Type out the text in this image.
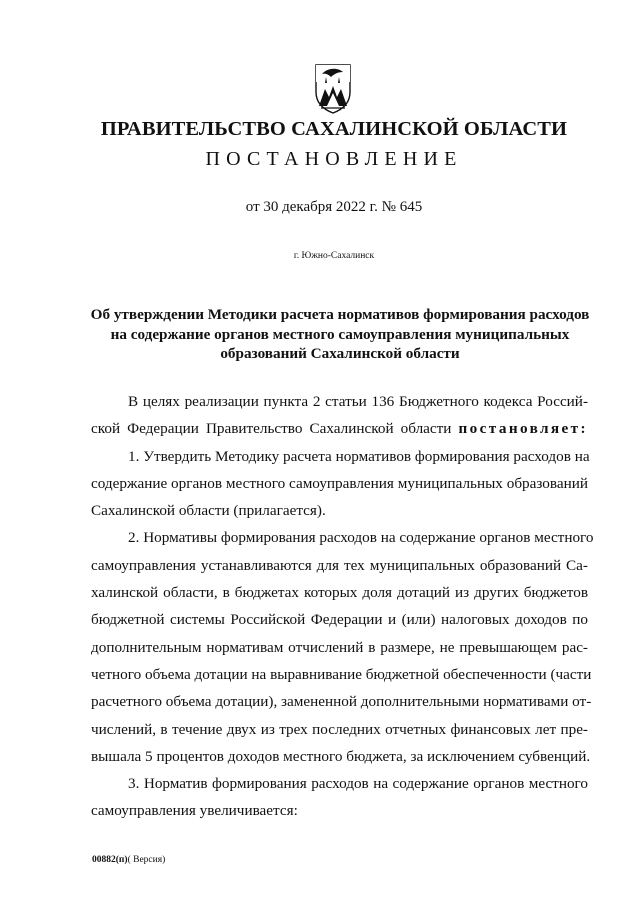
ПРАВИТЕЛЬСТВО САХАЛИНСКОЙ ОБЛАСТИ
ПОСТАНОВЛЕНИЕ
от 30 декабря 2022 г. № 645
г. Южно-Сахалинск
Об утверждении Методики расчета нормативов формирования расходов
на содержание органов местного самоуправления муниципальных
образований Сахалинской области
В целях реализации пункта 2 статьи 136 Бюджетного кодекса Россий-
ской Федерации Правительство Сахалинской области постановляет:
1. Утвердить Методику расчета нормативов формирования расходов на
содержание органов местного самоуправления муниципальных образований
Сахалинской области (прилагается).
2. Нормативы формирования расходов на содержание органов местного
самоуправления устанавливаются для тех муниципальных образований Са-
халинской области, в бюджетах которых доля дотаций из других бюджетов
бюджетной системы Российской Федерации и (или) налоговых доходов по
дополнительным нормативам отчислений в размере, не превышающем рас-
четного объема дотации на выравнивание бюджетной обеспеченности (части
расчетного объема дотации), замененной дополнительными нормативами от-
числений, в течение двух из трех последних отчетных финансовых лет пре-
вышала 5 процентов доходов местного бюджета, за исключением субвенций.
3. Норматив формирования расходов на содержание органов местного
самоуправления увеличивается:
00882(п)( Версия)
